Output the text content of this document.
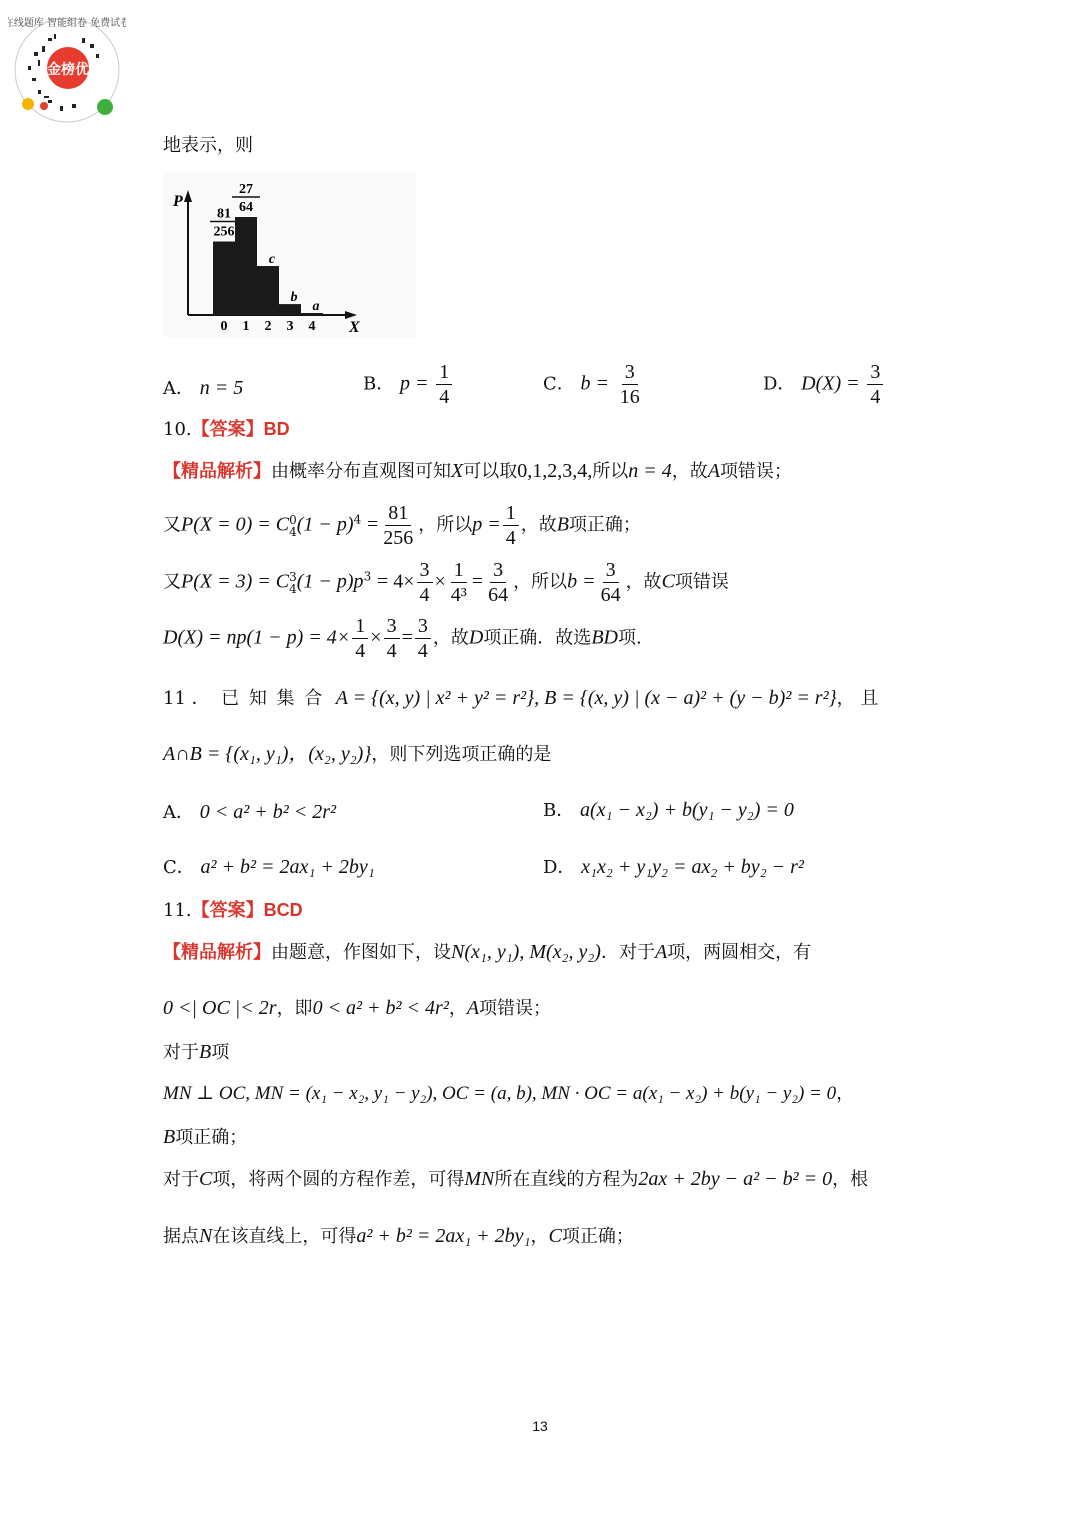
金榜优
在线题库 智能组卷 免费试卷
地表示，则
P
X
0
81
256
1
27
64
2
c
3
b
4
a
A． n = 5	B． $p = \frac{1}{4}$	C． $b = \frac{3}{16}$	D． $D(X) = \frac{3}{4}$
10.【答案】BD
【精品解析】由概率分布直观图可知X可以取0,1,2,3,4,所以n = 4，故A项错误；
又P(X = 0) = C 0
4 $(1 - p)^4 = \frac{81}{256}$ ，所以$p = \frac{1}{4}$ ，故B项正确；
又P(X = 3) = C 3
4 $(1 - p)p^3 = 4\times \frac{3}{4} \times \frac{1}{\text{4³}} = \frac{3}{64}$ ，所以$b = \frac{3}{64}$ ，故C项错误
$D(X) = np(1 - p) = 4\times \frac{1}{4} \times \frac{3}{4} = \frac{3}{4}$ ，故D项正确．故选BD项.
11 ． 已 知 集 合 A = {(x, y) | x² + y² = r²}, B = {(x, y) | (x − a)² + (y − b)² = r²}， 且
A∩B = {(x₁, y₁)，(x₂, y₂)}，则下列选项正确的是
A． 0 < a² + b² < 2r²	B． a(x₁ − x₂) + b(y₁ − y₂) = 0
C． a² + b² = 2ax₁ + 2by₁	D． x₁x₂ + y₁y₂ = ax₂ + by₂ − r²
11.【答案】BCD
【精品解析】由题意，作图如下，设N(x₁, y₁), M(x₂, y₂)．对于A项，两圆相交，有
0 <| OC |< 2r，即0 < a² + b² < 4r²，A项错误；
对于B项
MN ⊥ OC, MN = (x₁ − x₂, y₁ − y₂), OC = (a, b), MN · OC = a(x₁ − x₂) + b(y₁ − y₂) = 0，
B项正确；
对于C项，将两个圆的方程作差，可得MN所在直线的方程为2ax + 2by − a² − b² = 0，根
据点N在该直线上，可得a² + b² = 2ax₁ + 2by₁，C项正确；
13
